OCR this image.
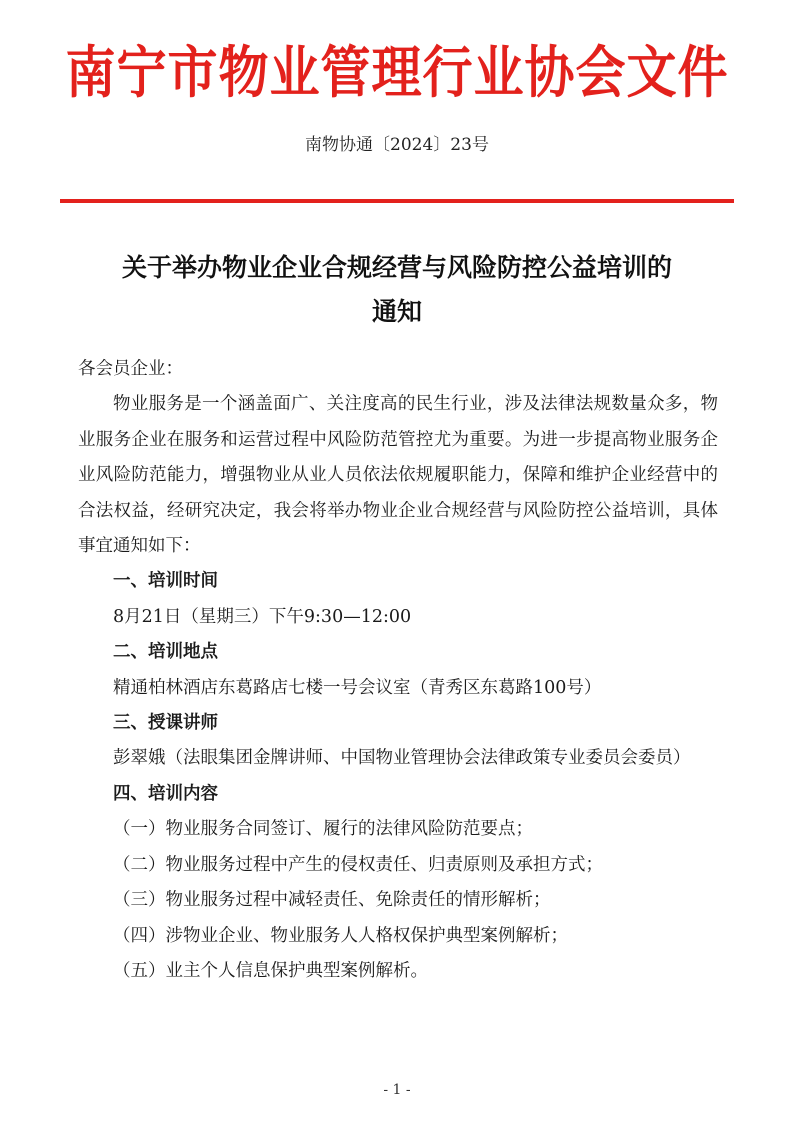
南宁市物业管理行业协会文件
南物协通〔2024〕23号
关于举办物业企业合规经营与风险防控公益培训的
通知

各会员企业：

物业服务是一个涵盖面广、关注度高的民生行业，涉及法律法规数量众多，物业服务企业在服务和运营过程中风险防范管控尤为重要。为进一步提高物业服务企业风险防范能力，增强物业从业人员依法依规履职能力，保障和维护企业经营中的合法权益，经研究决定，我会将举办物业企业合规经营与风险防控公益培训，具体事宜通知如下：

一、培训时间

8月21日（星期三）下午9:30—12:00

二、培训地点

精通柏林酒店东葛路店七楼一号会议室（青秀区东葛路100号）

三、授课讲师

彭翠娥（法眼集团金牌讲师、中国物业管理协会法律政策专业委员会委员）

四、培训内容

（一）物业服务合同签订、履行的法律风险防范要点；

（二）物业服务过程中产生的侵权责任、归责原则及承担方式；

（三）物业服务过程中减轻责任、免除责任的情形解析；

（四）涉物业企业、物业服务人人格权保护典型案例解析；

（五）业主个人信息保护典型案例解析。

- 1 -
